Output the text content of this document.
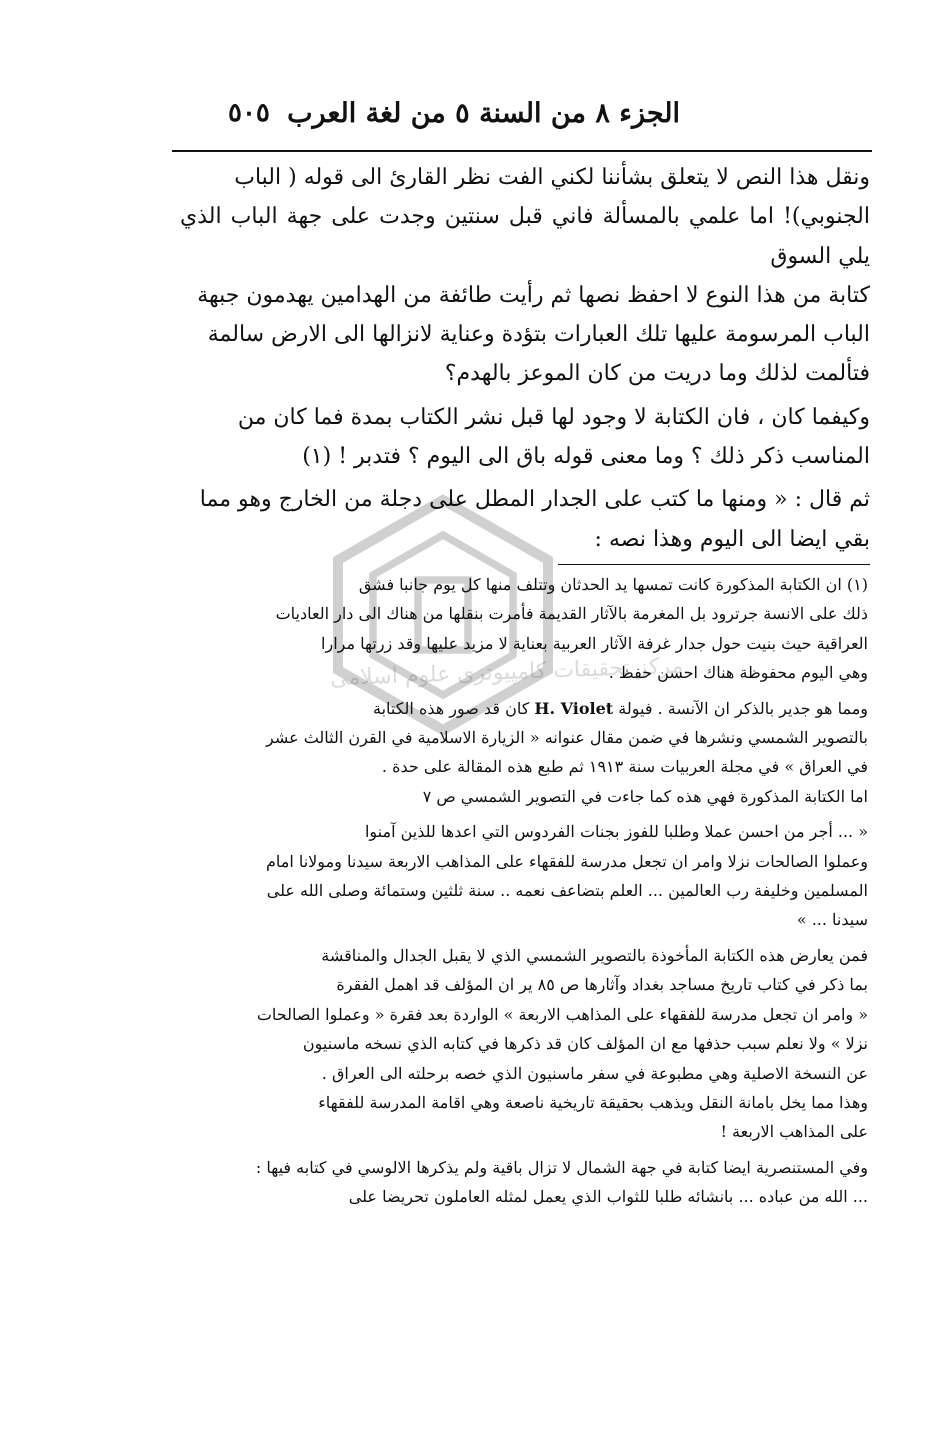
الجزء ٨ من السنة ٥ من لغة العرب
٥٠٥

ونقل هذا النص لا يتعلق بشأننا لكني الفت نظر القارئ الى قوله ( الباب

الجنوبي)! اما علمي بالمسألة فاني قبل سنتين وجدت على جهة الباب الذي يلي السوق

كتابة من هذا النوع لا احفظ نصها ثم رأيت طائفة من الهدامين يهدمون جبهة

الباب المرسومة عليها تلك العبارات بتؤدة وعناية لانزالها الى الارض سالمة

فتألمت لذلك وما دريت من كان الموعز بالهدم؟

وكيفما كان ، فان الكتابة لا وجود لها قبل نشر الكتاب بمدة فما كان من

المناسب ذكر ذلك ؟ وما معنى قوله باق الى اليوم ؟ فتدبر ! (١)

ثم قال : « ومنها ما كتب على الجدار المطل على دجلة من الخارج وهو مما

بقي ايضا الى اليوم وهذا نصه :

مركز تحقیقات کامپیوتری علوم اسلامی

(١) ان الكتابة المذكورة كانت تمسها يد الحدثان وتتلف منها كل يوم جانبا فشق

ذلك على الانسة جرترود بل المغرمة بالآثار القديمة فأمرت بنقلها من هناك الى دار العاديات

العراقية حيث بنيت حول جدار غرفة الآثار العربية بعناية لا مزيد عليها وقد زرتها مرارا

وهي اليوم محفوظة هناك احسن حفظ .

ومما هو جدير بالذكر ان الآنسة . فيولة H. Violet كان قد صور هذه الكتابة

بالتصوير الشمسي ونشرها في ضمن مقال عنوانه « الزيارة الاسلامية في القرن الثالث عشر

في العراق » في مجلة العربيات سنة ١٩١٣ ثم طبع هذه المقالة على حدة .

اما الكتابة المذكورة فهي هذه كما جاءت في التصوير الشمسي ص ٧

« ... أجر من احسن عملا وطلبا للفوز بجنات الفردوس التي اعدها للذين آمنوا

وعملوا الصالحات نزلا وامر ان تجعل مدرسة للفقهاء على المذاهب الاربعة سيدنا ومولانا امام

المسلمين وخليفة رب العالمين ... العلم بتضاعف نعمه .. سنة ثلثين وستمائة وصلى الله على

سيدنا ... »

فمن يعارض هذه الكتابة المأخوذة بالتصوير الشمسي الذي لا يقبل الجدال والمناقشة

بما ذكر في كتاب تاريخ مساجد بغداد وآثارها ص ٨٥ ير ان المؤلف قد اهمل الفقرة

« وامر ان تجعل مدرسة للفقهاء على المذاهب الاربعة » الواردة بعد فقرة « وعملوا الصالحات

نزلا » ولا نعلم سبب حذفها مع ان المؤلف كان قد ذكرها في كتابه الذي نسخه ماسنيون

عن النسخة الاصلية وهي مطبوعة في سفر ماسنيون الذي خصه برحلته الى العراق .

وهذا مما يخل بامانة النقل ويذهب بحقيقة تاريخية ناصعة وهي اقامة المدرسة للفقهاء

على المذاهب الاربعة !

وفي المستنصرية ايضا كتابة في جهة الشمال لا تزال باقية ولم يذكرها الالوسي في كتابه فيها :

... الله من عباده ... بانشائه طلبا للثواب الذي يعمل لمثله العاملون تحريضا على
